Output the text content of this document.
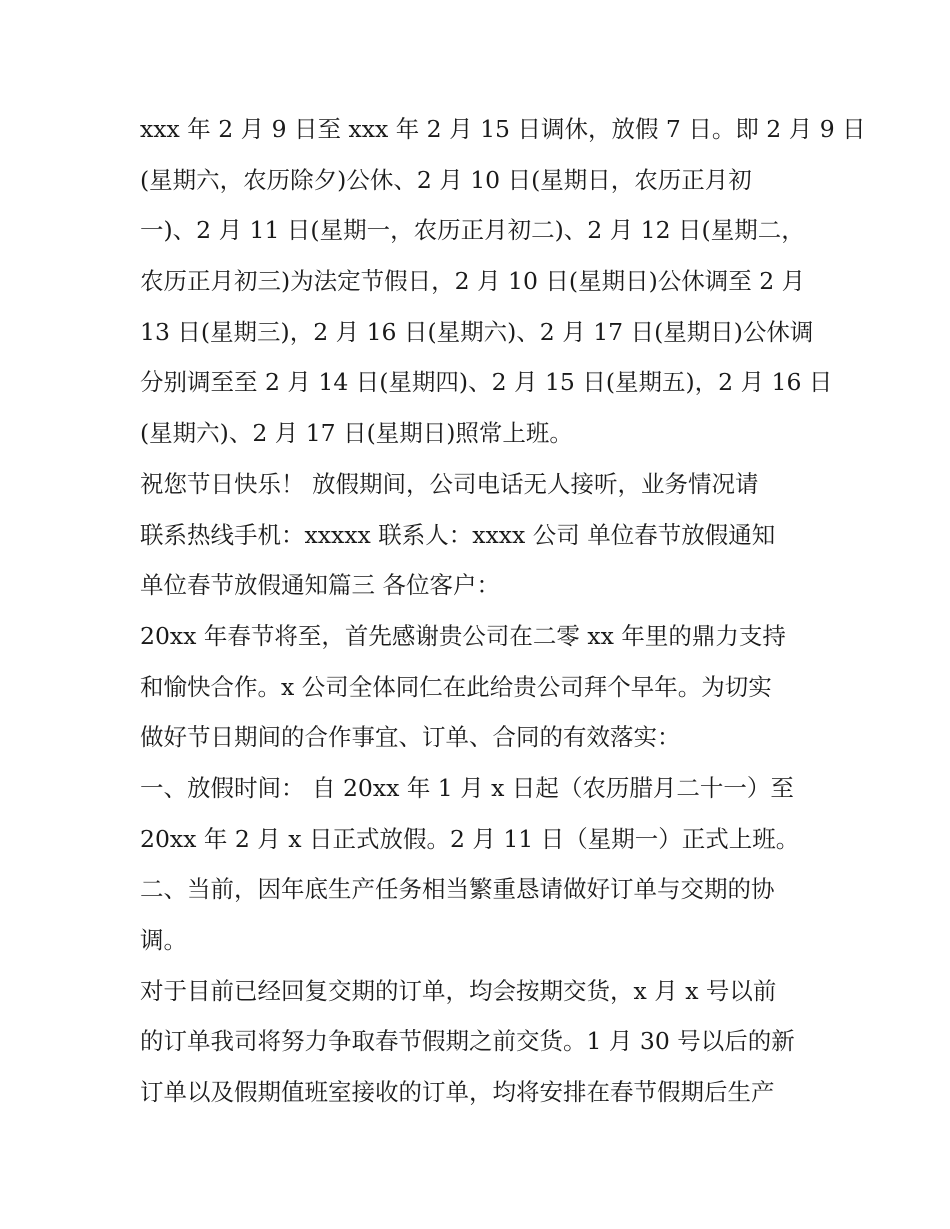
xxx 年 2 月 9 日至 xxx 年 2 月 15 日调休，放假 7 日。即 2 月 9 日
(星期六，农历除夕)公休、2 月 10 日(星期日，农历正月初
一)、2 月 11 日(星期一，农历正月初二)、2 月 12 日(星期二，
农历正月初三)为法定节假日，2 月 10 日(星期日)公休调至 2 月
13 日(星期三)，2 月 16 日(星期六)、2 月 17 日(星期日)公休调
分别调至至 2 月 14 日(星期四)、2 月 15 日(星期五)，2 月 16 日
(星期六)、2 月 17 日(星期日)照常上班。
祝您节日快乐！ 放假期间，公司电话无人接听，业务情况请
联系热线手机：xxxxx 联系人：xxxx 公司 单位春节放假通知
单位春节放假通知篇三 各位客户：
20xx 年春节将至，首先感谢贵公司在二零 xx 年里的鼎力支持
和愉快合作。x 公司全体同仁在此给贵公司拜个早年。为切实
做好节日期间的合作事宜、订单、合同的有效落实：
一、放假时间： 自 20xx 年 1 月 x 日起（农历腊月二十一）至
20xx 年 2 月 x 日正式放假。2 月 11 日（星期一）正式上班。
二、当前，因年底生产任务相当繁重恳请做好订单与交期的协
调。
对于目前已经回复交期的订单，均会按期交货，x 月 x 号以前
的订单我司将努力争取春节假期之前交货。1 月 30 号以后的新
订单以及假期值班室接收的订单，均将安排在春节假期后生产
